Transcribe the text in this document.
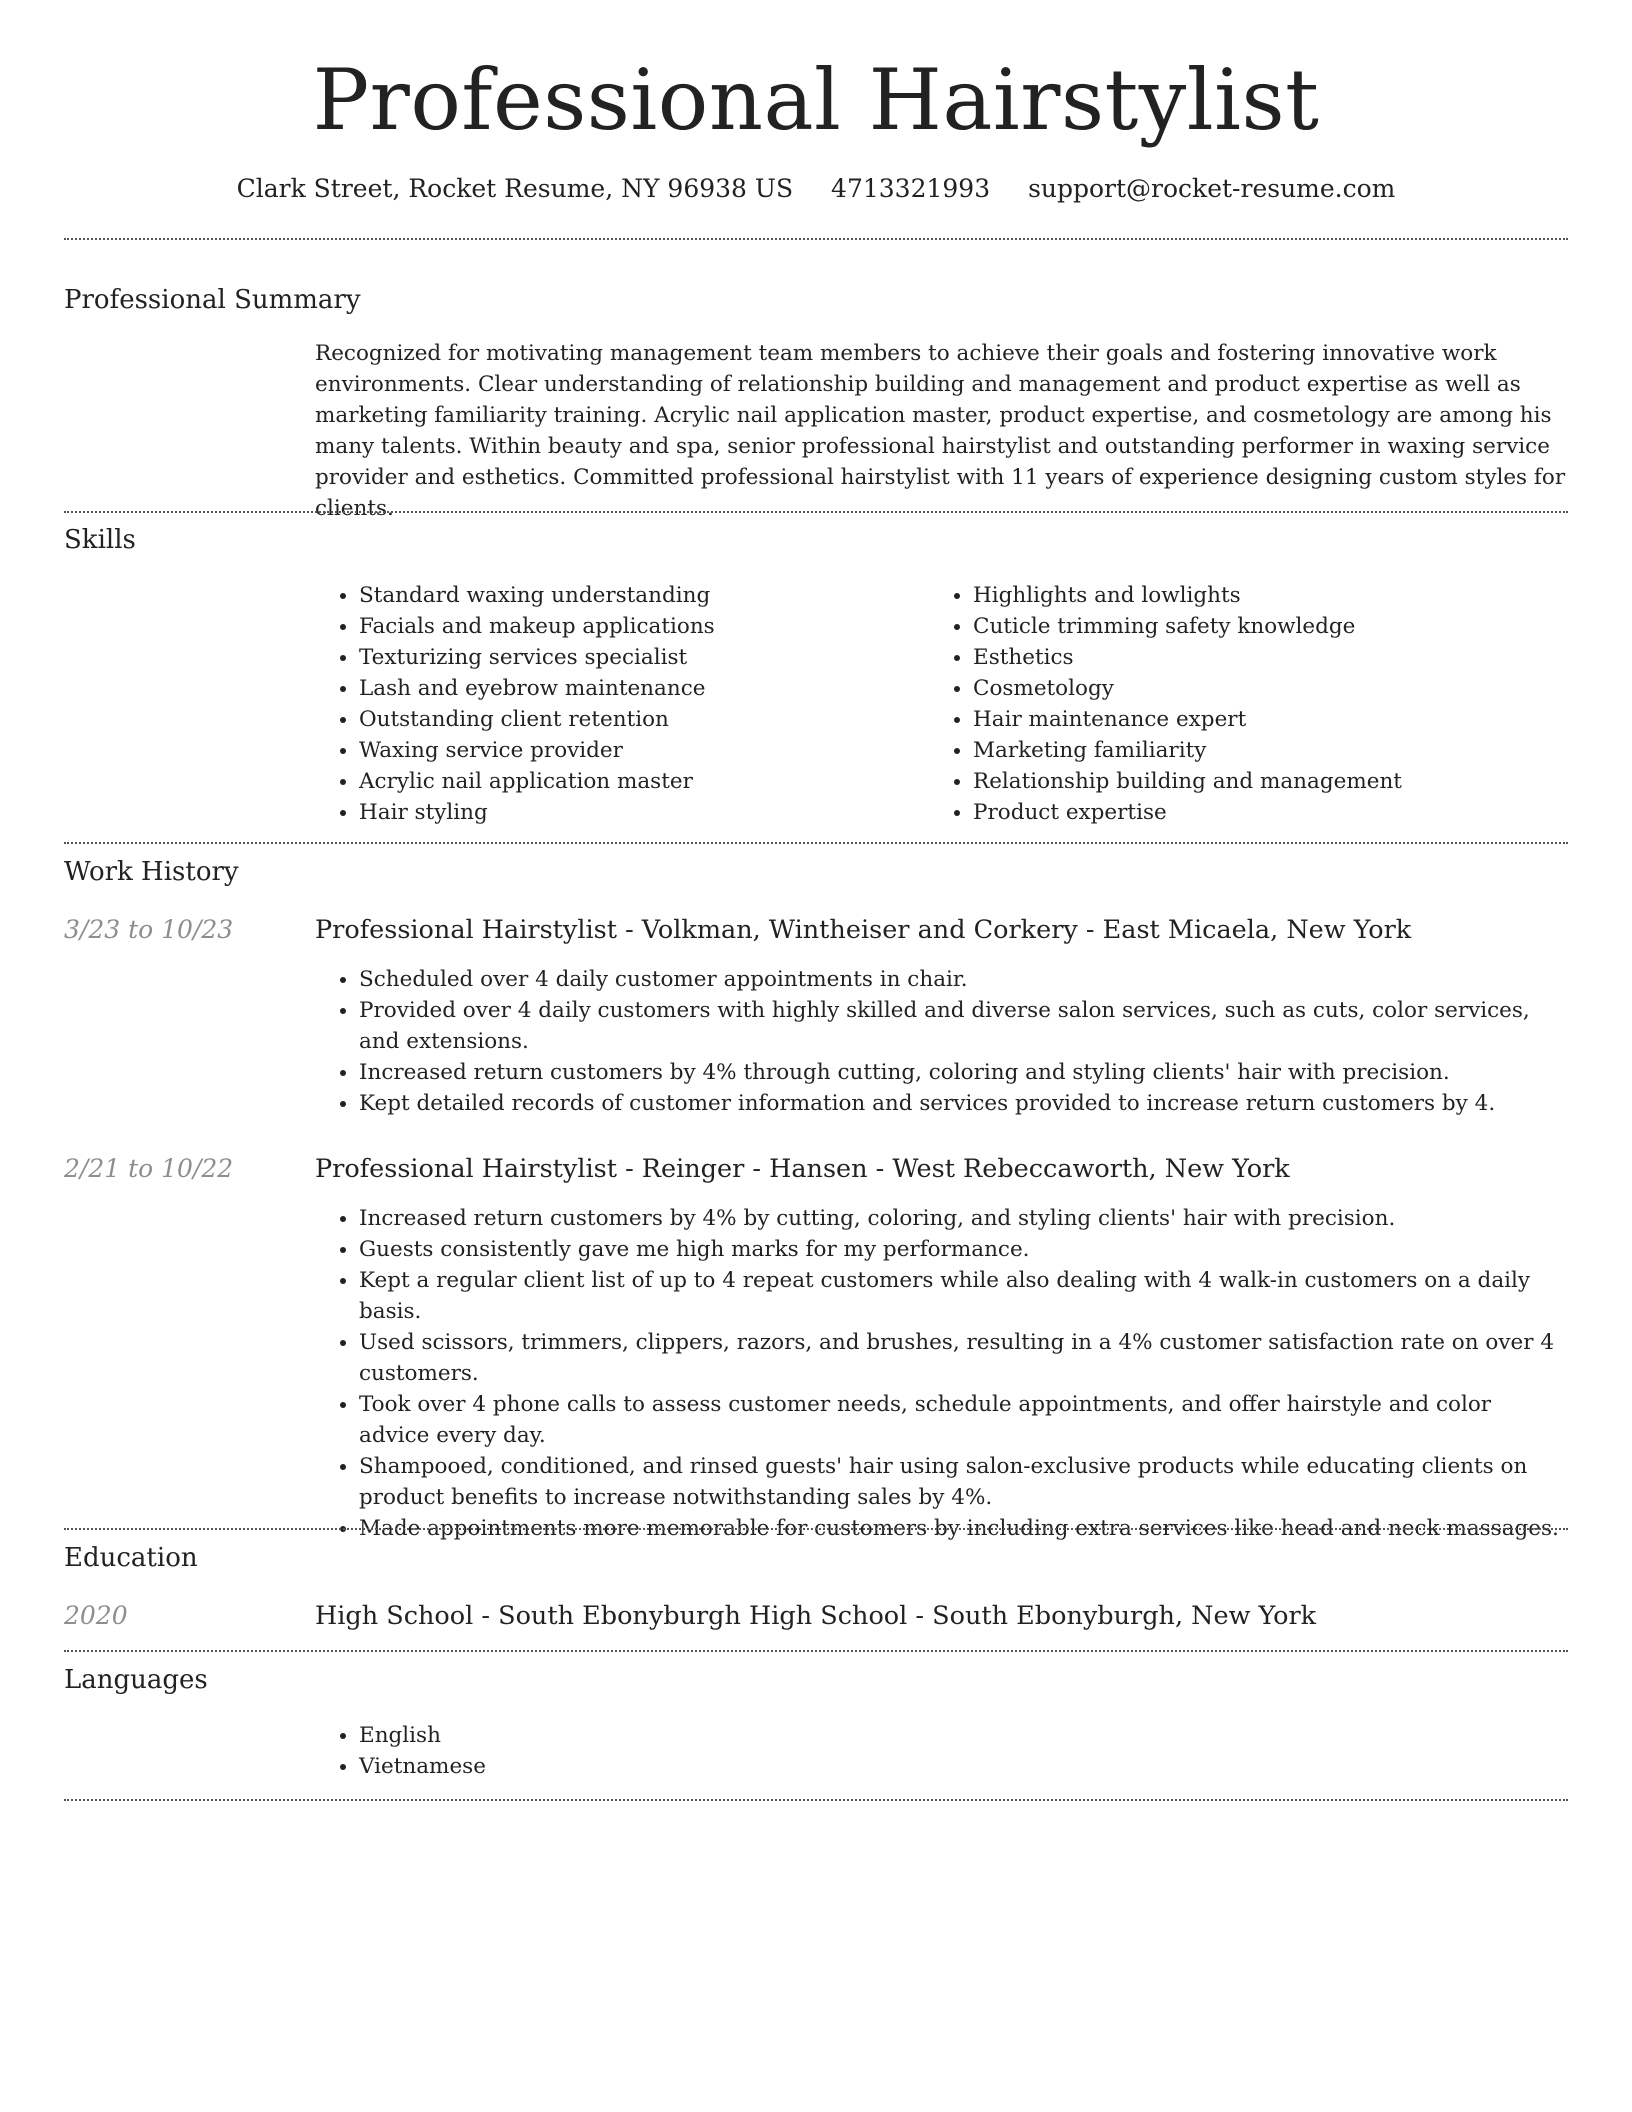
Professional Hairstylist
Clark Street, Rocket Resume, NY 96938 US 4713321993 support@rocket-resume.com
Professional Summary
Recognized for motivating management team members to achieve their goals and fostering innovative work environments. Clear understanding of relationship building and management and product expertise as well as marketing familiarity training. Acrylic nail application master, product expertise, and cosmetology are among his many talents. Within beauty and spa, senior professional hairstylist and outstanding performer in waxing service provider and esthetics. Committed professional hairstylist with 11 years of experience designing custom styles for clients.
Skills
• Standard waxing understanding
• Facials and makeup applications
• Texturizing services specialist
• Lash and eyebrow maintenance
• Outstanding client retention
• Waxing service provider
• Acrylic nail application master
• Hair styling
• Highlights and lowlights
• Cuticle trimming safety knowledge
• Esthetics
• Cosmetology
• Hair maintenance expert
• Marketing familiarity
• Relationship building and management
• Product expertise
Work History
3/23 to 10/23	Professional Hairstylist - Volkman, Wintheiser and Corkery - East Micaela, New York
• Scheduled over 4 daily customer appointments in chair.
• Provided over 4 daily customers with highly skilled and diverse salon services, such as cuts, color services, and extensions.
• Increased return customers by 4% through cutting, coloring and styling clients' hair with precision.
• Kept detailed records of customer information and services provided to increase return customers by 4.
2/21 to 10/22	Professional Hairstylist - Reinger - Hansen - West Rebeccaworth, New York
• Increased return customers by 4% by cutting, coloring, and styling clients' hair with precision.
• Guests consistently gave me high marks for my performance.
• Kept a regular client list of up to 4 repeat customers while also dealing with 4 walk-in customers on a daily basis.
• Used scissors, trimmers, clippers, razors, and brushes, resulting in a 4% customer satisfaction rate on over 4 customers.
• Took over 4 phone calls to assess customer needs, schedule appointments, and offer hairstyle and color advice every day.
• Shampooed, conditioned, and rinsed guests' hair using salon-exclusive products while educating clients on product benefits to increase notwithstanding sales by 4%.
• Made appointments more memorable for customers by including extra services like head and neck massages.
Education
2020	High School - South Ebonyburgh High School - South Ebonyburgh, New York
Languages
• English
• Vietnamese
